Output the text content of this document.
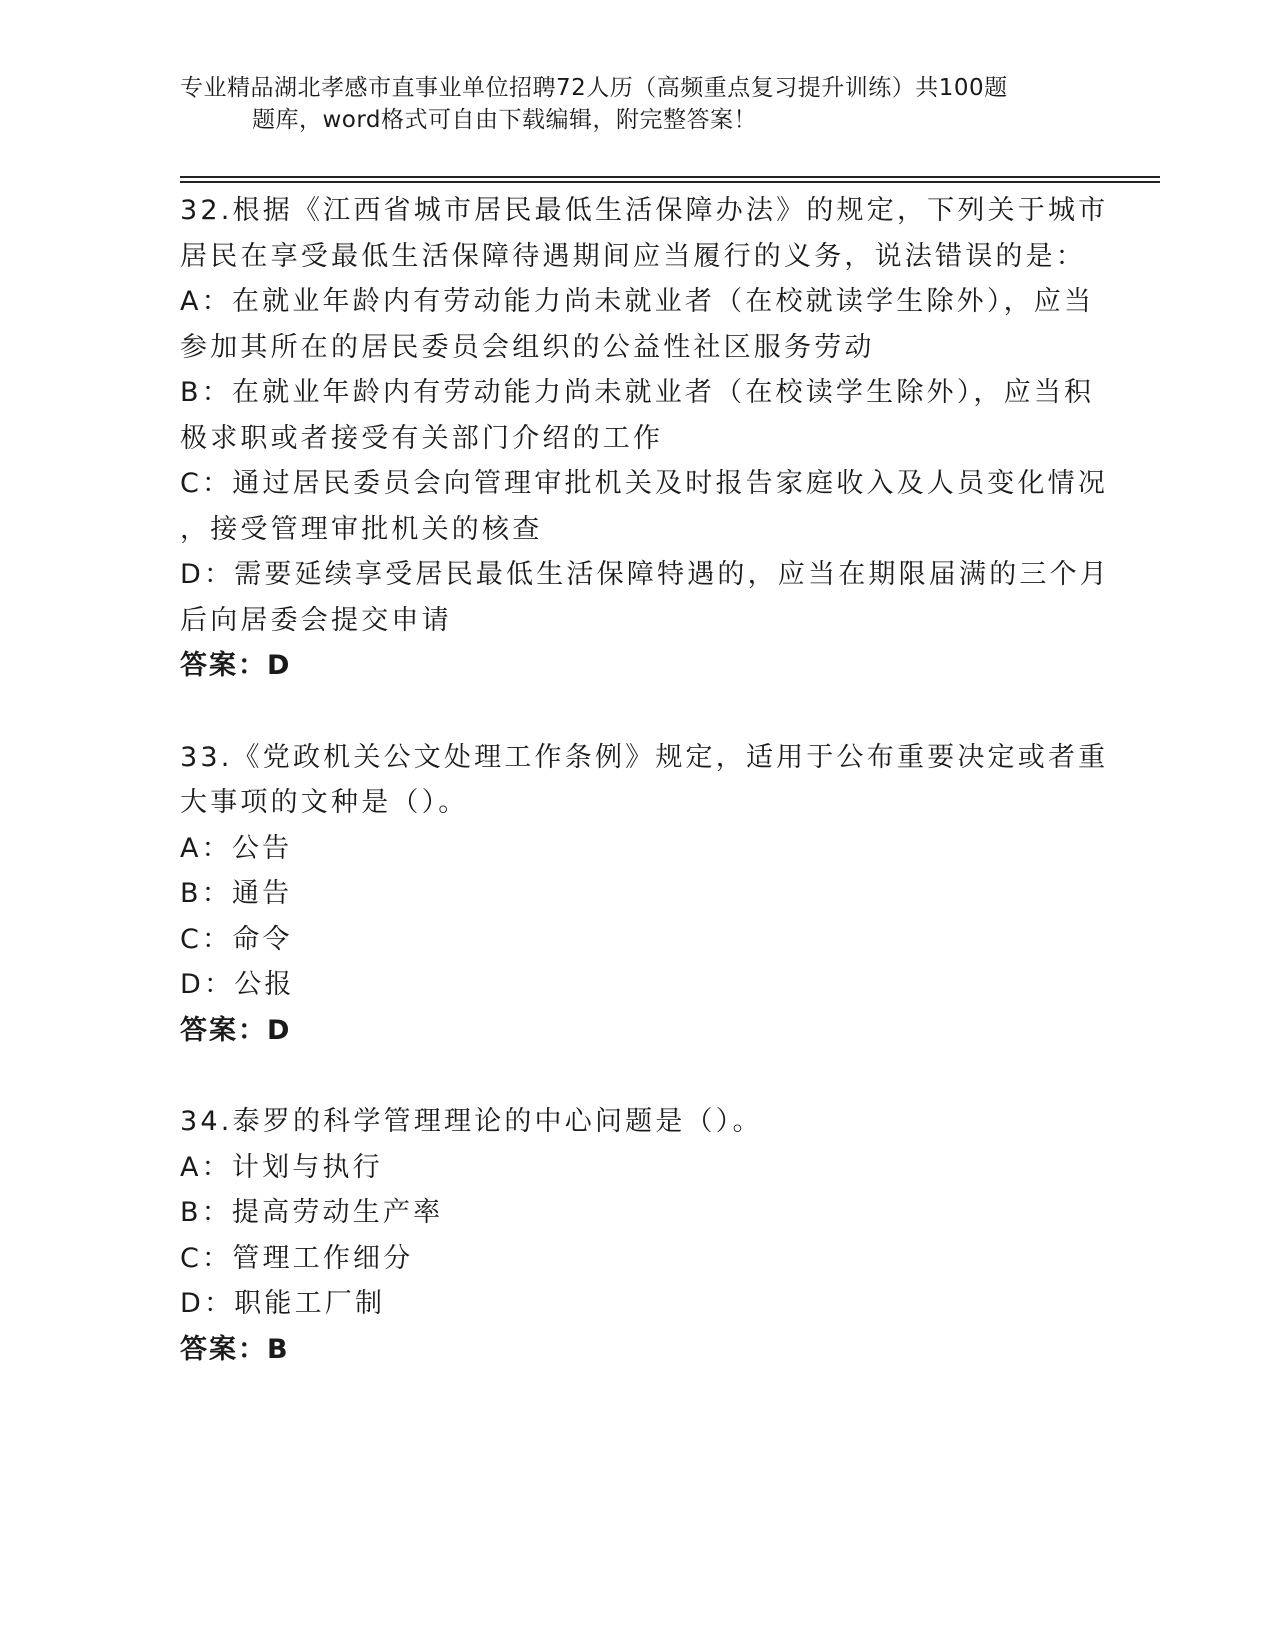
专业精品湖北孝感市直事业单位招聘72人历（高频重点复习提升训练）共100题
题库，word格式可自由下载编辑，附完整答案！
32.根据《江西省城市居民最低生活保障办法》的规定，下列关于城市
居民在享受最低生活保障待遇期间应当履行的义务，说法错误的是：
A：在就业年龄内有劳动能力尚未就业者（在校就读学生除外），应当
参加其所在的居民委员会组织的公益性社区服务劳动
B：在就业年龄内有劳动能力尚未就业者（在校读学生除外），应当积
极求职或者接受有关部门介绍的工作
C：通过居民委员会向管理审批机关及时报告家庭收入及人员变化情况
，接受管理审批机关的核查
D：需要延续享受居民最低生活保障特遇的，应当在期限届满的三个月
后向居委会提交申请
答案：D
33.《党政机关公文处理工作条例》规定，适用于公布重要决定或者重
大事项的文种是（）。
A：公告
B：通告
C：命令
D：公报
答案：D
34.泰罗的科学管理理论的中心问题是（）。
A：计划与执行
B：提高劳动生产率
C：管理工作细分
D：职能工厂制
答案：B
